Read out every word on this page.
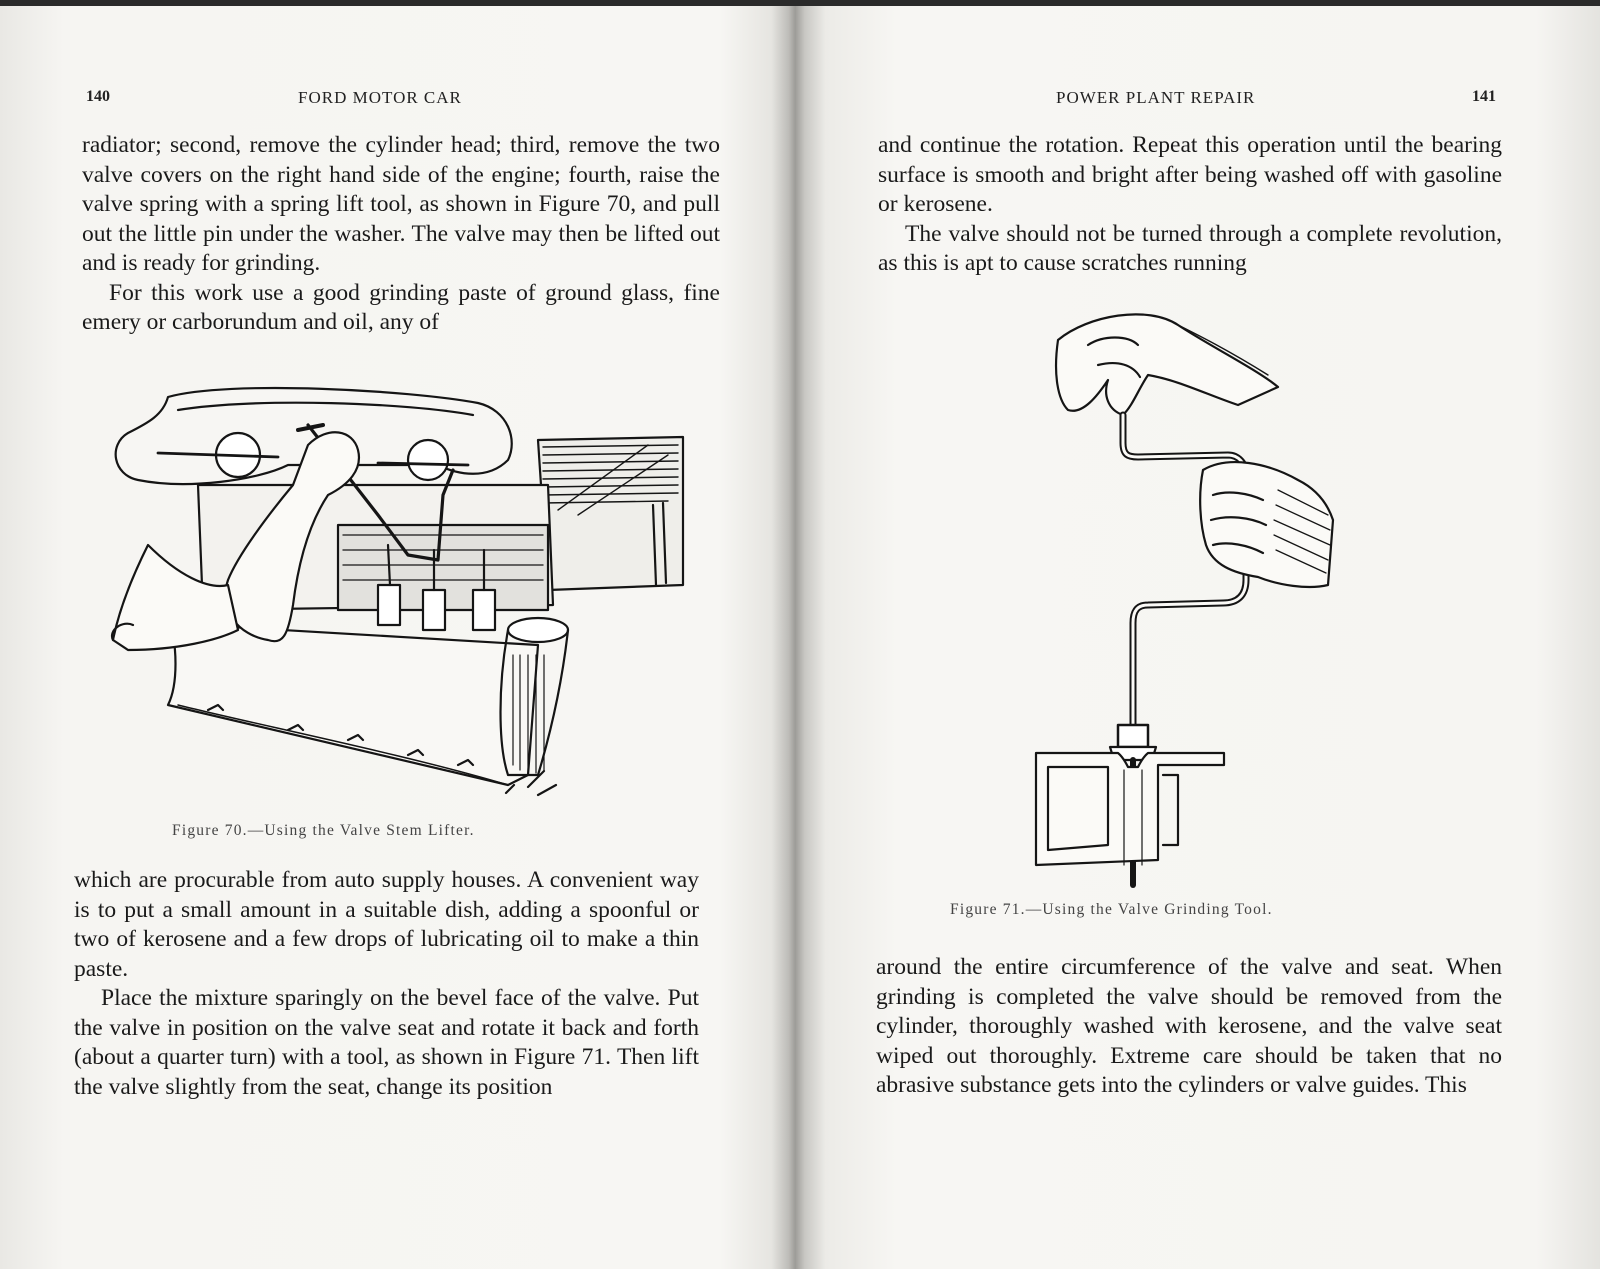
140	FORD MOTOR CAR

radiator; second, remove the cylinder head; third, remove the two valve covers on the right hand side of the engine; fourth, raise the valve spring with a spring lift tool, as shown in Figure 70, and pull out the little pin under the washer. The valve may then be lifted out and is ready for grinding.

For this work use a good grinding paste of ground glass, fine emery or carborundum and oil, any of

Figure 70.—Using the Valve Stem Lifter.

which are procurable from auto supply houses. A convenient way is to put a small amount in a suitable dish, adding a spoonful or two of kerosene and a few drops of lubricating oil to make a thin paste.

Place the mixture sparingly on the bevel face of the valve. Put the valve in position on the valve seat and rotate it back and forth (about a quarter turn) with a tool, as shown in Figure 71. Then lift the valve slightly from the seat, change its position

POWER PLANT REPAIR	141

and continue the rotation. Repeat this operation until the bearing surface is smooth and bright after being washed off with gasoline or kerosene.

The valve should not be turned through a complete revolution, as this is apt to cause scratches running

Figure 71.—Using the Valve Grinding Tool.

around the entire circumference of the valve and seat. When grinding is completed the valve should be removed from the cylinder, thoroughly washed with kerosene, and the valve seat wiped out thoroughly. Extreme care should be taken that no abrasive substance gets into the cylinders or valve guides. This
